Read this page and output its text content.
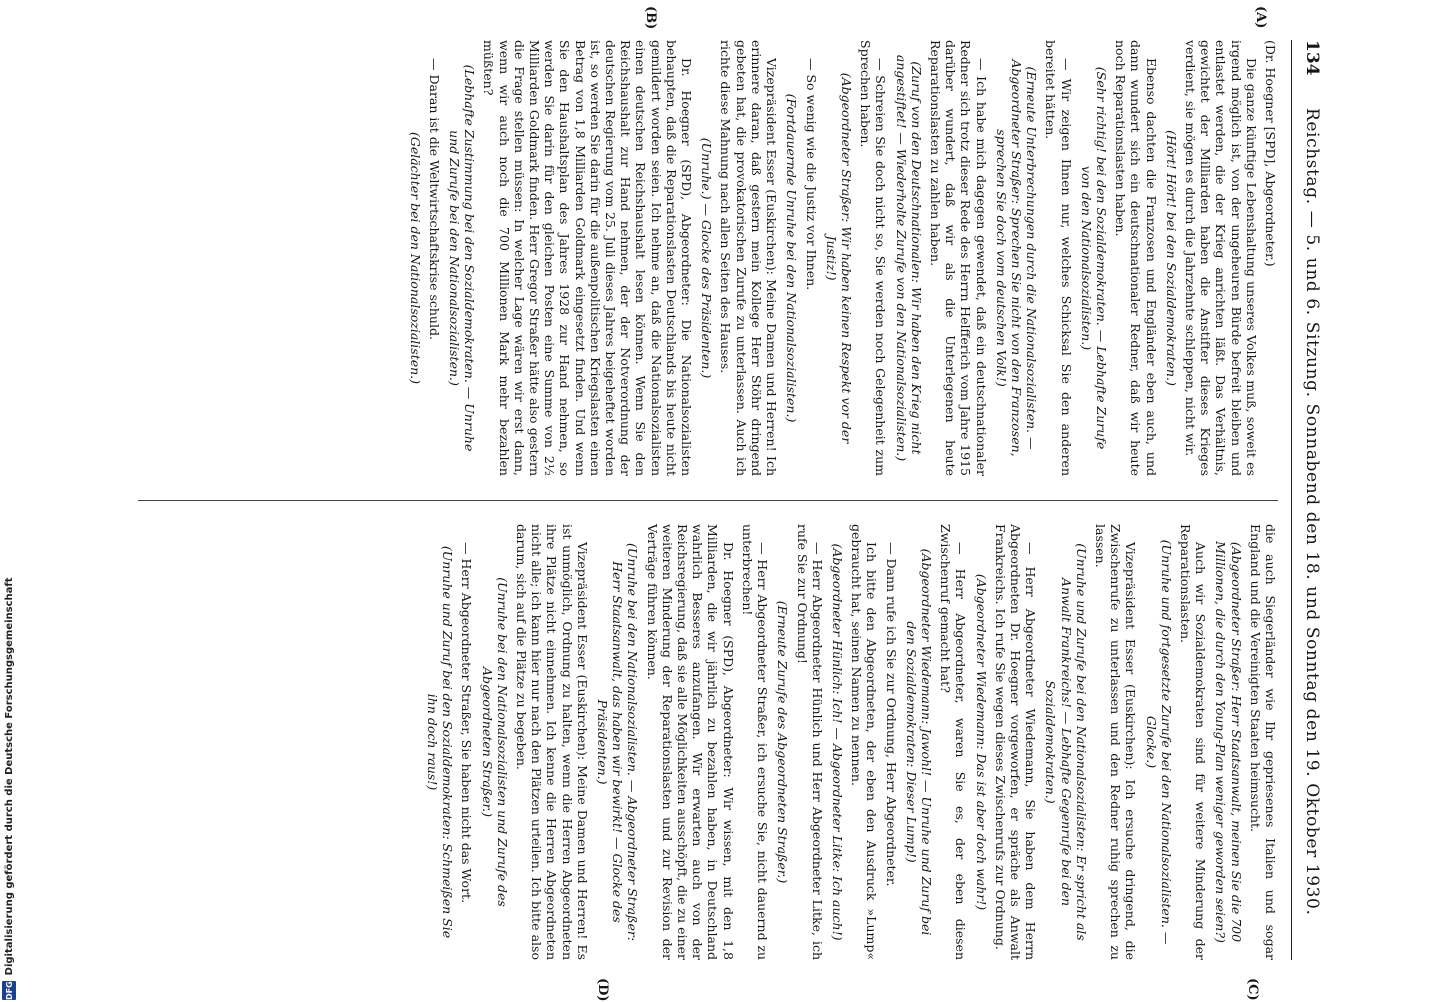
134
Reichstag. — 5. und 6. Sitzung. Sonnabend den 18. und Sonntag den 19. Oktober 1930.
(A)
(B)
(C)
(D)

(Dr. Hoegner [SPD], Abgeordneter.)

Die ganze künftige Lebenshaltung unseres Volkes muß, soweit es irgend möglich ist, von der ungeheuren Bürde befreit bleiben und entlastet werden, die der Krieg anrichten läßt. Das Verhältnis, gewichtet der Milliarden haben die Anstifter dieses Krieges verdient, sie mögen es durch die Jahrzehnte schleppen, nicht wir.

(Hört! Hört! bei den Sozialdemokraten.)

Ebenso dachten die Franzosen und Engländer eben auch, und dann wundert sich ein deutschnationaler Redner, daß wir heute noch Reparationslasten haben.

(Sehr richtig! bei den Sozialdemokraten. — Lebhafte Zurufe von den Nationalsozialisten.)

— Wir zeigen Ihnen nur, welches Schicksal Sie den anderen bereitet hätten.

(Erneute Unterbrechungen durch die Nationalsozialisten. — Abgeordneter Straßer: Sprechen Sie nicht von den Franzosen, sprechen Sie doch vom deutschen Volk!)

— Ich habe mich dagegen gewendet, daß ein deutschnationaler Redner sich trotz dieser Rede des Herrn Helfferich vom Jahre 1915 darüber wundert, daß wir als die Unterlegenen heute Reparationslasten zu zahlen haben.

(Zuruf von den Deutschnationalen: Wir haben den Krieg nicht angestiftet! — Wiederholte Zurufe von den Nationalsozialisten.)

— Schreien Sie doch nicht so, Sie werden noch Gelegenheit zum Sprechen haben.

(Abgeordneter Straßer: Wir haben keinen Respekt vor der Justiz!)

— So wenig wie die Justiz vor Ihnen.

(Fortdauernde Unruhe bei den Nationalsozialisten.)

Vizepräsident Esser (Euskirchen): Meine Damen und Herren! Ich erinnere daran, daß gestern mein Kollege Herr Stöhr dringend gebeten hat, die provokatorischen Zurufe zu unterlassen. Auch ich richte diese Mahnung nach allen Seiten des Hauses.

(Unruhe.) — Glocke des Präsidenten.)

Dr. Hoegner (SPD), Abgeordneter: Die Nationalsozialisten behaupten, daß die Reparationslasten Deutschlands bis heute nicht gemildert worden seien. Ich nehme an, daß die Nationalsozialisten einen deutschen Reichshaushalt lesen können. Wenn Sie den Reichshaushalt zur Hand nehmen, der der Notverordnung der deutschen Regierung vom 25. Juli dieses Jahres beigeheftet worden ist, so werden Sie darin für die außenpolitischen Kriegslasten einen Betrag von 1,8 Milliarden Goldmark eingesetzt finden. Und wenn Sie den Haushaltsplan des Jahres 1928 zur Hand nehmen, so werden Sie darin für den gleichen Posten eine Summe von 2½ Milliarden Goldmark finden. Herr Gregor Straßer hätte also gestern die Frage stellen müssen: In welcher Lage wären wir erst dann, wenn wir auch noch die 700 Millionen Mark mehr bezahlen müßten?

(Lebhafte Zustimmung bei den Sozialdemokraten. — Unruhe und Zurufe bei den Nationalsozialisten.)

— Daran ist die Weltwirtschaftskrise schuld.

(Gelächter bei den Nationalsozialisten.)

die auch Siegerländer wie Ihr gepriesenes Italien und sogar England und die Vereinigten Staaten heimsucht.

(Abgeordneter Straßer: Herr Staatsanwalt, meinen Sie die 700 Millionen, die durch den Young-Plan weniger geworden seien?)

Auch wir Sozialdemokraten sind für weitere Minderung der Reparationslasten.

(Unruhe und fortgesetzte Zurufe bei den Nationalsozialisten. — Glocke.)

Vizepräsident Esser (Euskirchen): Ich ersuche dringend, die Zwischenrufe zu unterlassen und den Redner ruhig sprechen zu lassen.

(Unruhe und Zurufe bei den Nationalsozialisten: Er spricht als Anwalt Frankreichs! — Lebhafte Gegenrufe bei den Sozialdemokraten.)

— Herr Abgeordneter Wiedemann, Sie haben dem Herrn Abgeordneten Dr. Hoegner vorgeworfen, er spräche als Anwalt Frankreichs. Ich rufe Sie wegen dieses Zwischenrufs zur Ordnung.

(Abgeordneter Wiedemann: Das ist aber doch wahr!)

— Herr Abgeordneter, waren Sie es, der eben diesen Zwischenruf gemacht hat?

(Abgeordneter Wiedemann: Jawohl! — Unruhe und Zuruf bei den Sozialdemokraten: Dieser Lump!)

— Dann rufe ich Sie zur Ordnung, Herr Abgeordneter.

Ich bitte den Abgeordneten, der eben den Ausdruck »Lump« gebraucht hat, seinen Namen zu nennen.

(Abgeordneter Hünlich: Ich! — Abgeordneter Litke: Ich auch!)

— Herr Abgeordneter Hünlich und Herr Abgeordneter Litke, ich rufe Sie zur Ordnung!

(Erneute Zurufe des Abgeordneten Straßer.)

— Herr Abgeordneter Straßer, ich ersuche Sie, nicht dauernd zu unterbrechen!

Dr. Hoegner (SPD), Abgeordneter: Wir wissen, mit den 1,8 Milliarden, die wir jährlich zu bezahlen haben, in Deutschland wahrlich Besseres anzufangen. Wir erwarten auch von der Reichsregierung, daß sie alle Möglichkeiten ausschöpft, die zu einer weiteren Minderung der Reparationslasten und zur Revision der Verträge führen können.

(Unruhe bei den Nationalsozialisten. — Abgeordneter Straßer: Herr Staatsanwalt, das haben wir bewirkt! — Glocke des Präsidenten.)

Vizepräsident Esser (Euskirchen): Meine Damen und Herren! Es ist unmöglich, Ordnung zu halten, wenn die Herren Abgeordneten ihre Plätze nicht einnehmen. Ich kenne die Herren Abgeordneten nicht alle; ich kann hier nur nach den Plätzen urteilen. Ich bitte also darum, sich auf die Plätze zu begeben.

(Unruhe bei den Nationalsozialisten und Zurufe des Abgeordneten Straßer.)

— Herr Abgeordneter Straßer, Sie haben nicht das Wort.

(Unruhe und Zuruf bei den Sozialdemokraten: Schmeißen Sie ihn doch raus!)

DFG
Digitalisierung gefördert durch die Deutsche Forschungsgemeinschaft
